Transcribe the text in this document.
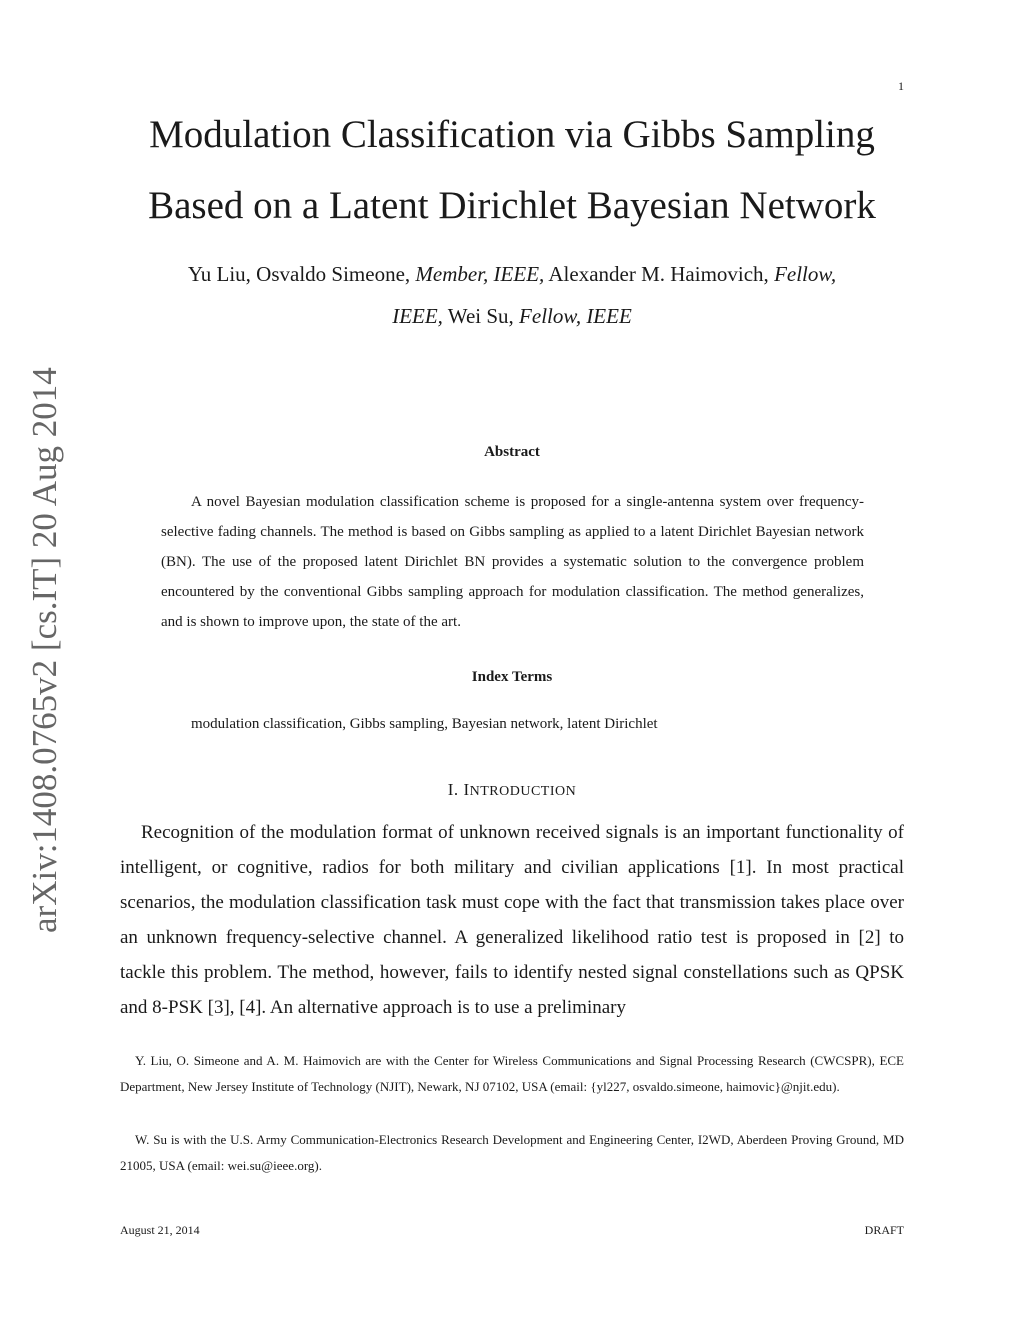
1
Modulation Classification via Gibbs Sampling
Based on a Latent Dirichlet Bayesian Network
Yu Liu, Osvaldo Simeone, Member, IEEE, Alexander M. Haimovich, Fellow,
IEEE, Wei Su, Fellow, IEEE
arXiv:1408.0765v2 [cs.IT] 20 Aug 2014	Abstract
A novel Bayesian modulation classification scheme is proposed for a single-antenna system over frequency-selective fading channels. The method is based on Gibbs sampling as applied to a latent Dirichlet Bayesian network (BN). The use of the proposed latent Dirichlet BN provides a systematic solution to the convergence problem encountered by the conventional Gibbs sampling approach for modulation classification. The method generalizes, and is shown to improve upon, the state of the art.
Index Terms
modulation classification, Gibbs sampling, Bayesian network, latent Dirichlet
I. INTRODUCTION
Recognition of the modulation format of unknown received signals is an important functionality of intelligent, or cognitive, radios for both military and civilian applications [1]. In most practical scenarios, the modulation classification task must cope with the fact that transmission takes place over an unknown frequency-selective channel. A generalized likelihood ratio test is proposed in [2] to tackle this problem. The method, however, fails to identify nested signal constellations such as QPSK and 8-PSK [3], [4]. An alternative approach is to use a preliminary
Y. Liu, O. Simeone and A. M. Haimovich are with the Center for Wireless Communications and Signal Processing Research (CWCSPR), ECE Department, New Jersey Institute of Technology (NJIT), Newark, NJ 07102, USA (email: {yl227, osvaldo.simeone, haimovic}@njit.edu).
W. Su is with the U.S. Army Communication-Electronics Research Development and Engineering Center, I2WD, Aberdeen Proving Ground, MD 21005, USA (email: wei.su@ieee.org).
August 21, 2014	DRAFT
